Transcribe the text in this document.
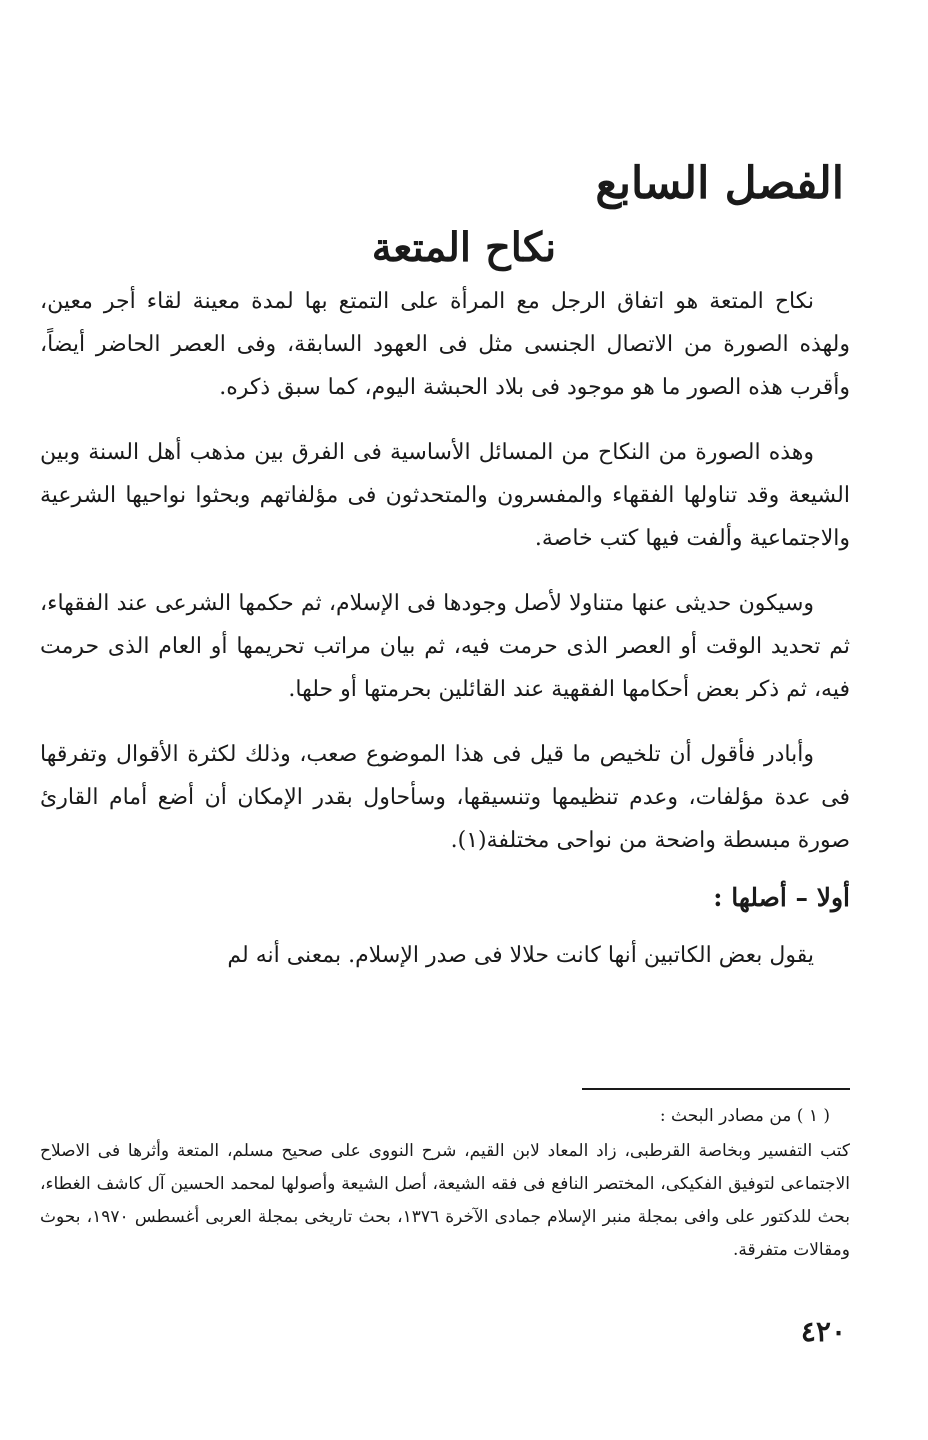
الفصل السابع
نكاح المتعة

نكاح المتعة هو اتفاق الرجل مع المرأة على التمتع بها لمدة معينة لقاء أجر معين، ولهذه الصورة من الاتصال الجنسى مثل فى العهود السابقة، وفى العصر الحاضر أيضاً، وأقرب هذه الصور ما هو موجود فى بلاد الحبشة اليوم، كما سبق ذكره.

وهذه الصورة من النكاح من المسائل الأساسية فى الفرق بين مذهب أهل السنة وبين الشيعة وقد تناولها الفقهاء والمفسرون والمتحدثون فى مؤلفاتهم وبحثوا نواحيها الشرعية والاجتماعية وألفت فيها كتب خاصة.

وسيكون حديثى عنها متناولا لأصل وجودها فى الإسلام، ثم حكمها الشرعى عند الفقهاء، ثم تحديد الوقت أو العصر الذى حرمت فيه، ثم بيان مراتب تحريمها أو العام الذى حرمت فيه، ثم ذكر بعض أحكامها الفقهية عند القائلين بحرمتها أو حلها.

وأبادر فأقول أن تلخيص ما قيل فى هذا الموضوع صعب، وذلك لكثرة الأقوال وتفرقها فى عدة مؤلفات، وعدم تنظيمها وتنسيقها، وسأحاول بقدر الإمكان أن أضع أمام القارئ صورة مبسطة واضحة من نواحى مختلفة(١).

أولا – أصلها :

يقول بعض الكاتبين أنها كانت حلالا فى صدر الإسلام. بمعنى أنه لم

( ١ ) من مصادر البحث :

كتب التفسير وبخاصة القرطبى، زاد المعاد لابن القيم، شرح النووى على صحيح مسلم، المتعة وأثرها فى الاصلاح الاجتماعى لتوفيق الفكيكى، المختصر النافع فى فقه الشيعة، أصل الشيعة وأصولها لمحمد الحسين آل كاشف الغطاء، بحث للدكتور على وافى بمجلة منبر الإسلام جمادى الآخرة ١٣٧٦، بحث تاريخى بمجلة العربى أغسطس ١٩٧٠، بحوث ومقالات متفرقة.

٤٢٠
